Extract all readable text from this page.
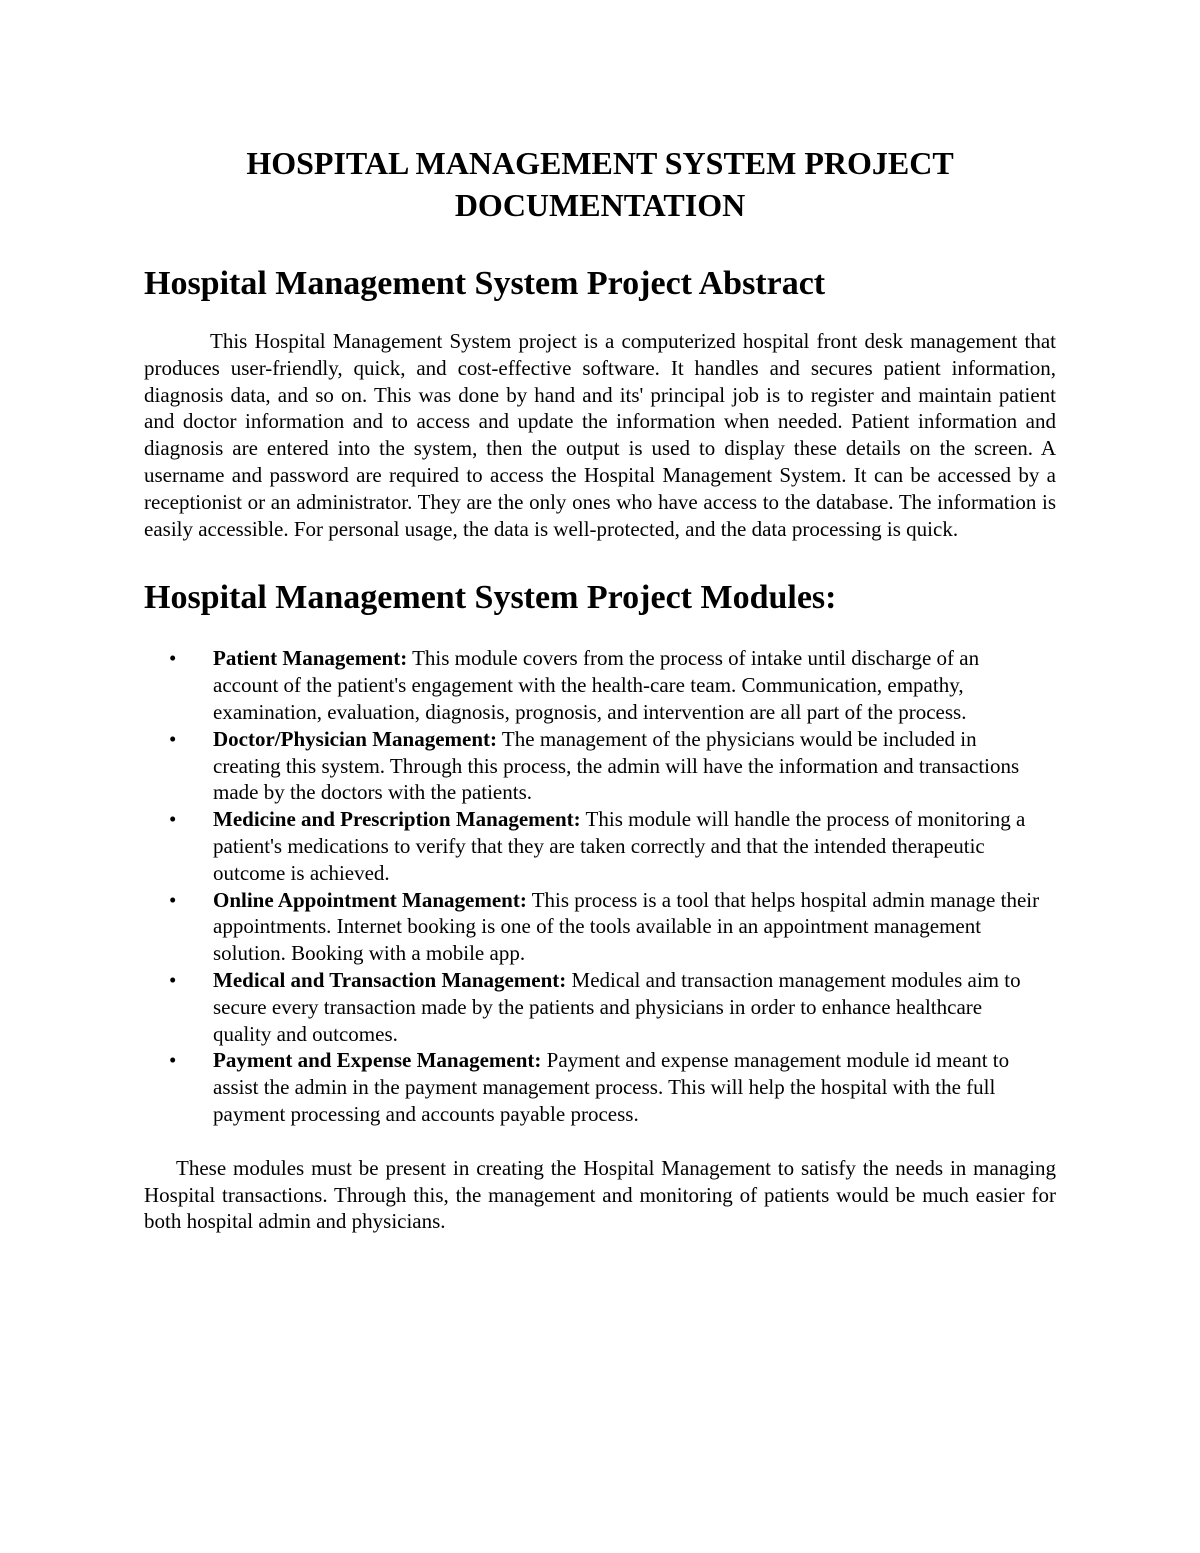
HOSPITAL MANAGEMENT SYSTEM PROJECT
DOCUMENTATION
Hospital Management System Project Abstract

This Hospital Management System project is a computerized hospital front desk management that produces user-friendly, quick, and cost-effective software. It handles and secures patient information, diagnosis data, and so on. This was done by hand and its' principal job is to register and maintain patient and doctor information and to access and update the information when needed. Patient information and diagnosis are entered into the system, then the output is used to display these details on the screen. A username and password are required to access the Hospital Management System. It can be accessed by a receptionist or an administrator. They are the only ones who have access to the database. The information is easily accessible. For personal usage, the data is well-protected, and the data processing is quick.

Hospital Management System Project Modules:
• Patient Management: This module covers from the process of intake until discharge of an account of the patient's engagement with the health-care team. Communication, empathy, examination, evaluation, diagnosis, prognosis, and intervention are all part of the process.
• Doctor/Physician Management: The management of the physicians would be included in creating this system. Through this process, the admin will have the information and transactions made by the doctors with the patients.
• Medicine and Prescription Management: This module will handle the process of monitoring a patient's medications to verify that they are taken correctly and that the intended therapeutic outcome is achieved.
• Online Appointment Management: This process is a tool that helps hospital admin manage their appointments. Internet booking is one of the tools available in an appointment management solution. Booking with a mobile app.
• Medical and Transaction Management: Medical and transaction management modules aim to secure every transaction made by the patients and physicians in order to enhance healthcare quality and outcomes.
• Payment and Expense Management: Payment and expense management module id meant to assist the admin in the payment management process. This will help the hospital with the full payment processing and accounts payable process.

These modules must be present in creating the Hospital Management to satisfy the needs in managing Hospital transactions. Through this, the management and monitoring of patients would be much easier for both hospital admin and physicians.
